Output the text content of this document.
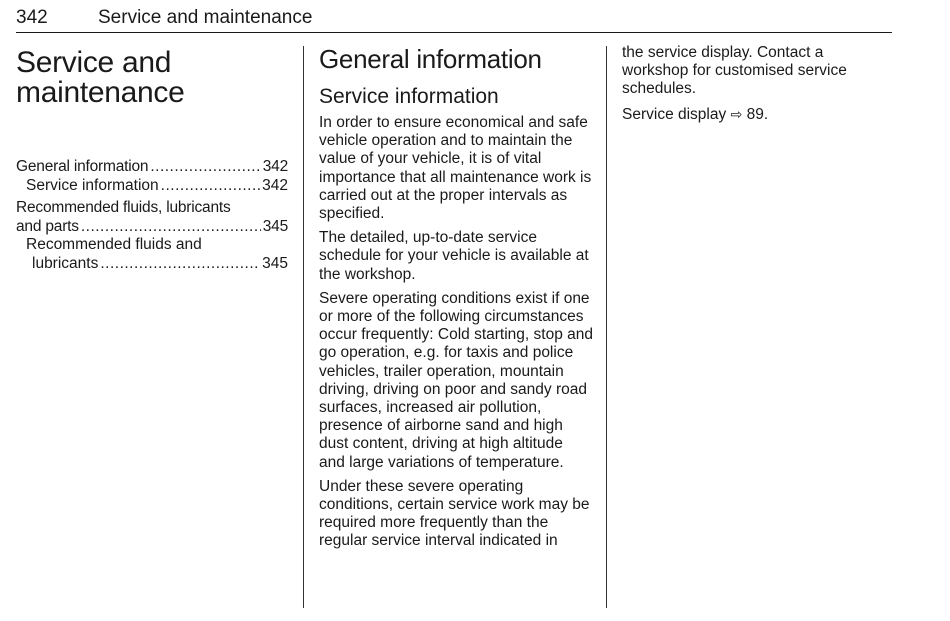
342	Service and maintenance
Service and
maintenance
General information .....	342
Service information .....	342
Recommended fluids, lubricants
and parts .....	345
Recommended fluids and
lubricants .....	345
General information
Service information

In order to ensure economical and safe vehicle operation and to maintain the value of your vehicle, it is of vital importance that all maintenance work is carried out at the proper intervals as specified.

The detailed, up-to-date service schedule for your vehicle is available at the workshop.

Severe operating conditions exist if one or more of the following circumstances occur frequently: Cold starting, stop and go operation, e.g. for taxis and police vehicles, trailer operation, mountain driving, driving on poor and sandy road surfaces, increased air pollution, presence of airborne sand and high dust content, driving at high altitude and large variations of temperature.

Under these severe operating conditions, certain service work may be required more frequently than the regular service interval indicated in

the service display. Contact a workshop for customised service schedules.

Service display ⇨ 89.
